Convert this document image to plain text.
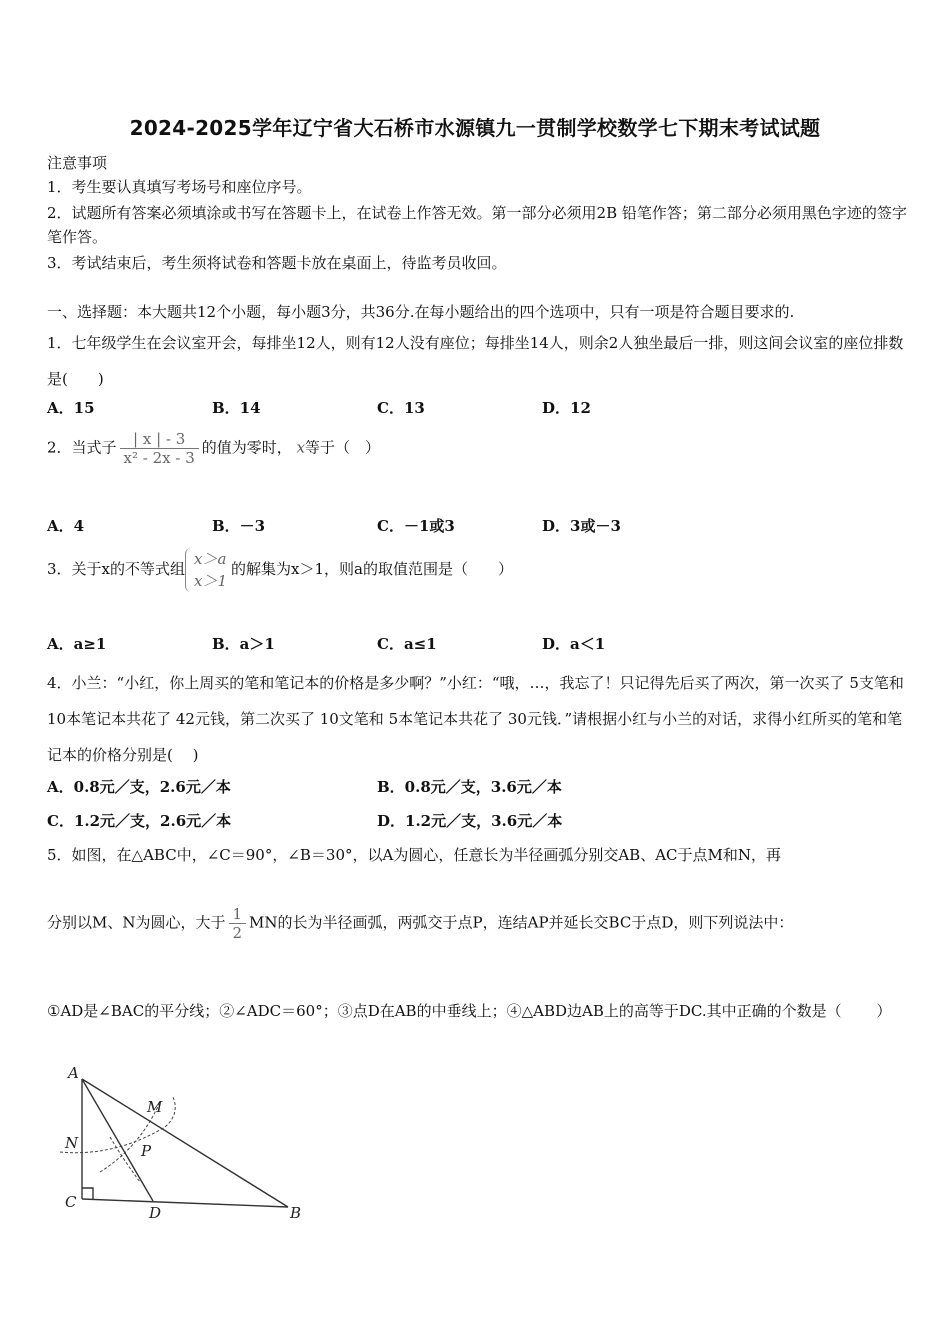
2024-2025学年辽宁省大石桥市水源镇九一贯制学校数学七下期末考试试题
注意事项
1．考生要认真填写考场号和座位序号。
2．试题所有答案必须填涂或书写在答题卡上，在试卷上作答无效。第一部分必须用2B 铅笔作答；第二部分必须用黑色字迹的签字笔作答。
3．考试结束后，考生须将试卷和答题卡放在桌面上，待监考员收回。
一、选择题：本大题共12个小题，每小题3分，共36分.在每小题给出的四个选项中，只有一项是符合题目要求的.
1．七年级学生在会议室开会，每排坐12人，则有12人没有座位；每排坐14人，则余2人独坐最后一排，则这间会议室的座位排数是(　　)
A．15	B．14	C．13	D．12
2．当式子 $\frac{| x | - 3}{\text{x² - 2x - 3}}$ 的值为零时， x等于（　）
A．4	B．－3	C．－1或3	D．3或－3
3．关于x的不等式组
x＞a
x＞1
的解集为x＞1，则a的取值范围是（　　）
A．a≥1	B．a＞1	C．a≤1	D．a＜1
4．小兰：“小红，你上周买的笔和笔记本的价格是多少啊？”小红：“哦，…，我忘了！只记得先后买了两次，第一次买了 5支笔和 10本笔记本共花了 42元钱，第二次买了 10文笔和 5本笔记本共花了 30元钱．”请根据小红与小兰的对话，求得小红所买的笔和笔 记本的价格分别是(　 )
A．0.8元／支，2.6元／本	B．0.8元／支，3.6元／本
C．1.2元／支，2.6元／本	D．1.2元／支，3.6元／本
5．如图，在△ABC中，∠C＝90°，∠B＝30°，以A为圆心，任意长为半径画弧分别交AB、AC于点M和N，再
分别以M、N为圆心，大于 $\frac{1}{2}$ MN的长为半径画弧，两弧交于点P，连结AP并延长交BC于点D，则下列说法中：
①AD是∠BAC的平分线；②∠ADC＝60°；③点D在AB的中垂线上；④△ABD边AB上的高等于DC.其中正确的个数是（　　 ）
A
M
N	P
C
D	B
